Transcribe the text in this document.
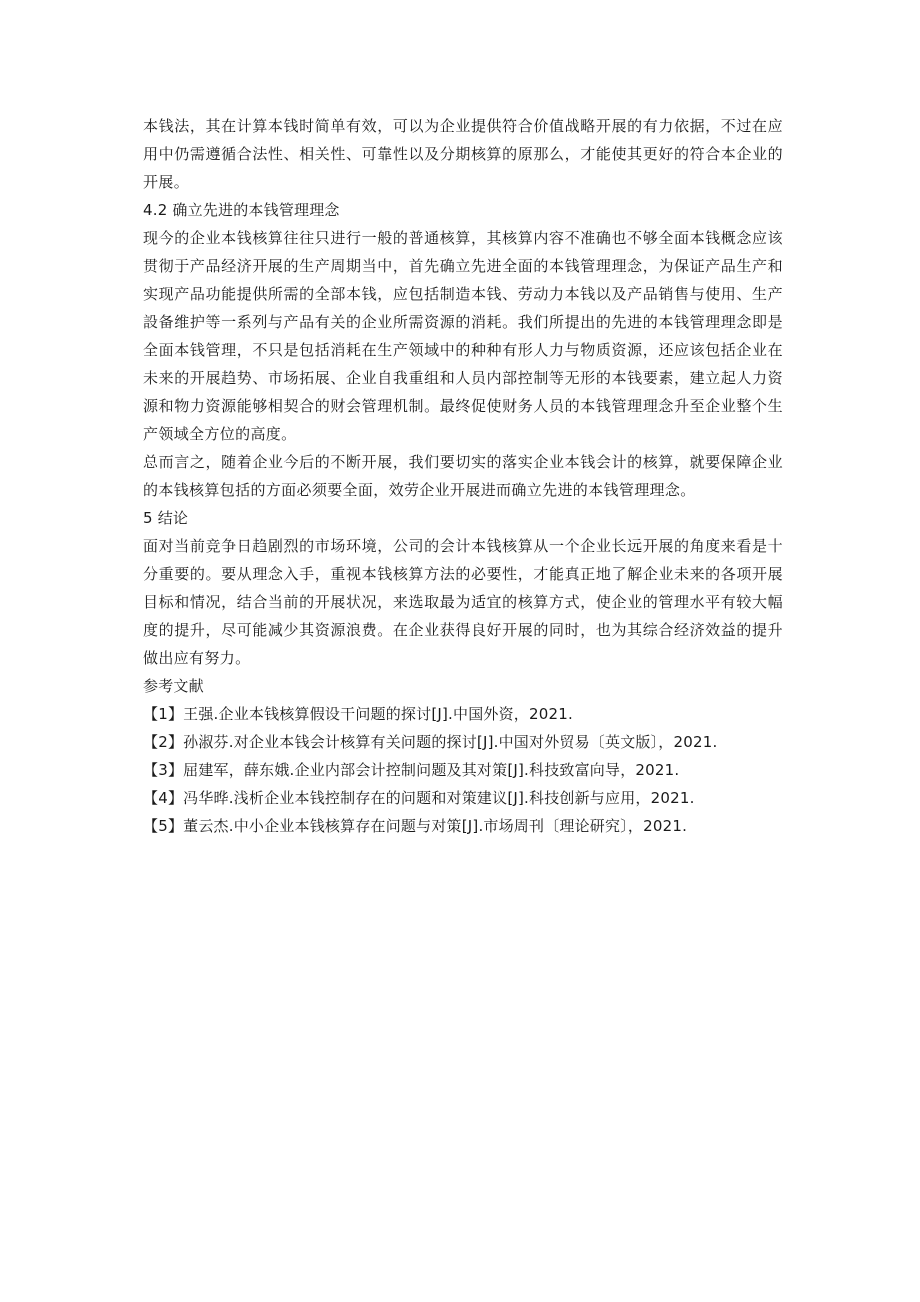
本钱法，其在计算本钱时简单有效，可以为企业提供符合价值战略开展的有力依据，不过在应用中仍需遵循合法性、相关性、可靠性以及分期核算的原那么，才能使其更好的符合本企业的开展。

4.2 确立先进的本钱管理理念

现今的企业本钱核算往往只进行一般的普通核算，其核算内容不准确也不够全面本钱概念应该贯彻于产品经济开展的生产周期当中，首先确立先进全面的本钱管理理念，为保证产品生产和实现产品功能提供所需的全部本钱，应包括制造本钱、劳动力本钱以及产品销售与使用、生产設备维护等一系列与产品有关的企业所需资源的消耗。我们所提出的先进的本钱管理理念即是全面本钱管理，不只是包括消耗在生产领域中的种种有形人力与物质资源，还应该包括企业在未来的开展趋势、市场拓展、企业自我重组和人员内部控制等无形的本钱要素，建立起人力资源和物力资源能够相契合的财会管理机制。最终促使财务人员的本钱管理理念升至企业整个生产领域全方位的高度。

总而言之，随着企业今后的不断开展，我们要切实的落实企业本钱会计的核算，就要保障企业的本钱核算包括的方面必须要全面，效劳企业开展进而确立先进的本钱管理理念。

5 结论

面对当前竞争日趋剧烈的市场环境，公司的会计本钱核算从一个企业长远开展的角度来看是十分重要的。要从理念入手，重视本钱核算方法的必要性，才能真正地了解企业未来的各项开展目标和情况，结合当前的开展状况，来选取最为适宜的核算方式，使企业的管理水平有较大幅度的提升，尽可能减少其资源浪费。在企业获得良好开展的同时，也为其综合经济效益的提升做出应有努力。

参考文献

【1】王强.企业本钱核算假设干问题的探讨[J].中国外资，2021.
【2】孙淑芬.对企业本钱会计核算有关问题的探讨[J].中国对外贸易〔英文版〕，2021.
【3】屈建军，薛东娥.企业内部会计控制问题及其对策[J].科技致富向导，2021.
【4】冯华晔.浅析企业本钱控制存在的问题和对策建议[J].科技创新与应用，2021.
【5】董云杰.中小企业本钱核算存在问题与对策[J].市场周刊〔理论研究〕，2021.
